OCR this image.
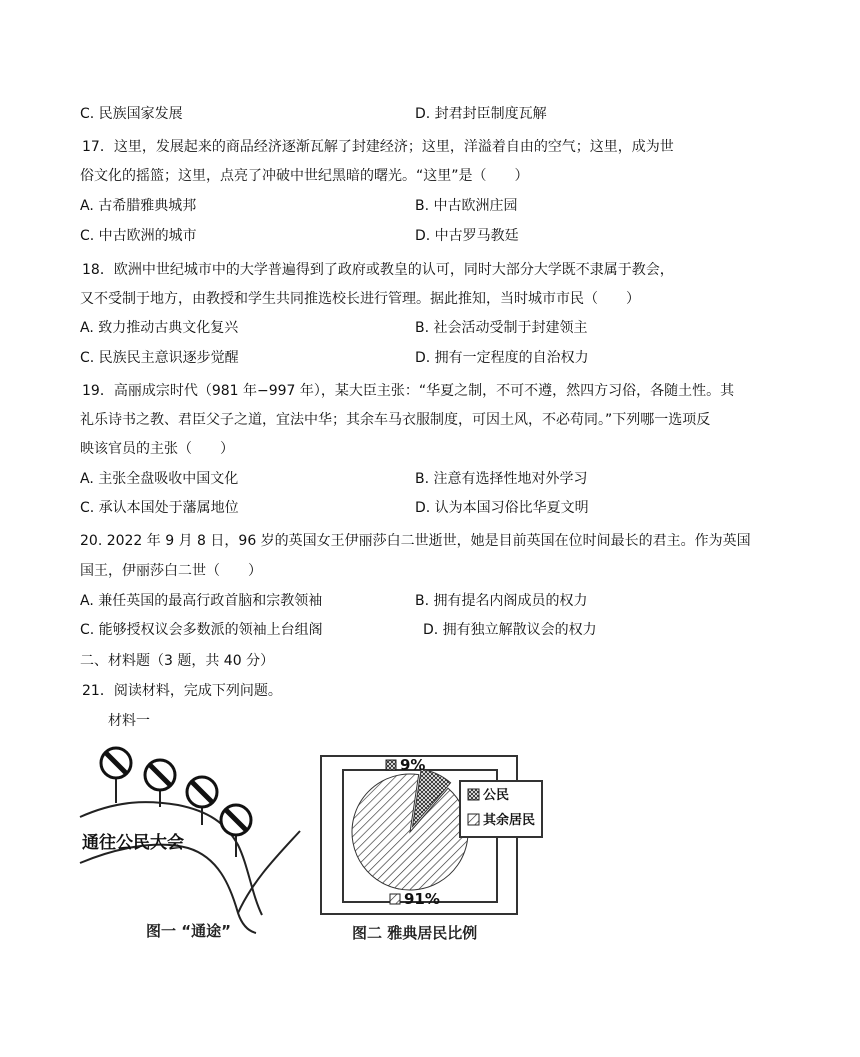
C. 民族国家发展	D. 封君封臣制度瓦解
17．这里，发展起来的商品经济逐渐瓦解了封建经济；这里，洋溢着自由的空气；这里，成为世
俗文化的摇篮；这里，点亮了冲破中世纪黑暗的曙光。“这里”是（　　）
A. 古希腊雅典城邦	B. 中古欧洲庄园
C. 中古欧洲的城市	D. 中古罗马教廷
18．欧洲中世纪城市中的大学普遍得到了政府或教皇的认可，同时大部分大学既不隶属于教会，
又不受制于地方，由教授和学生共同推选校长进行管理。据此推知，当时城市市民（　　）
A. 致力推动古典文化复兴	B. 社会活动受制于封建领主
C. 民族民主意识逐步觉醒	D. 拥有一定程度的自治权力
19．高丽成宗时代（981 年−997 年），某大臣主张：“华夏之制，不可不遵，然四方习俗，各随土性。其
礼乐诗书之教、君臣父子之道，宜法中华；其余车马衣服制度，可因土风，不必苟同。”下列哪一选项反
映该官员的主张（　　）
A. 主张全盘吸收中国文化	B. 注意有选择性地对外学习
C. 承认本国处于藩属地位	D. 认为本国习俗比华夏文明
20. 2022 年 9 月 8 日，96 岁的英国女王伊丽莎白二世逝世，她是目前英国在位时间最长的君主。作为英国
国王，伊丽莎白二世（　　）
A. 兼任英国的最高行政首脑和宗教领袖	B. 拥有提名内阁成员的权力
C. 能够授权议会多数派的领袖上台组阁	D. 拥有独立解散议会的权力
二、材料题（3 题，共 40 分）
21．阅读材料，完成下列问题。
材料一
通往公民大会
图一 “通途”
9%
91%
公民
其余居民
图二 雅典居民比例
